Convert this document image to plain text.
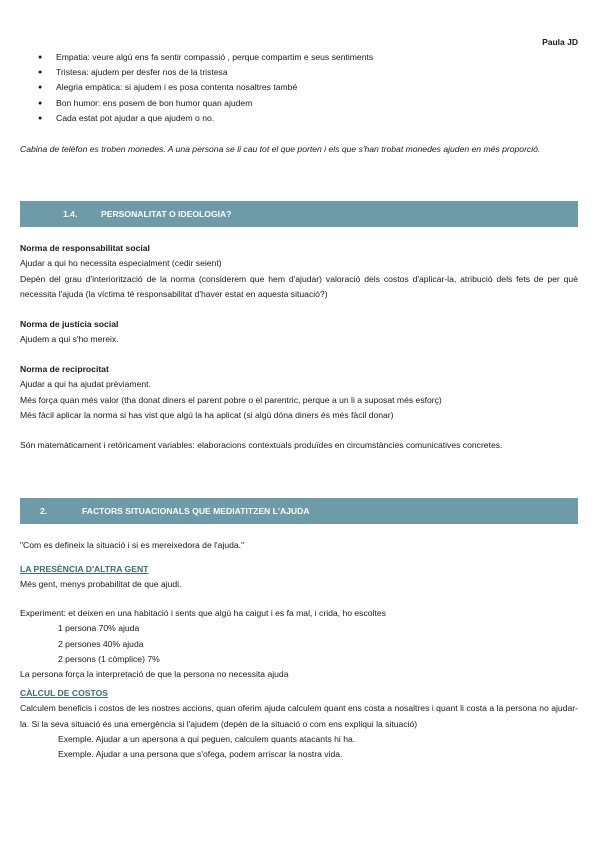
Paula JD
● Empatia: veure algú ens fa sentir compassió , perque compartim e seus sentiments
● Tristesa: ajudem per desfer nos de la tristesa
● Alegria empàtica: si ajudem i es posa contenta nosaltres també
● Bon humor: ens posem de bon humor quan ajudem
● Cada estat pot ajudar a que ajudem o no.
Cabina de telèfon es troben monedes. A una persona se li cau tot el que porten i els que s'han trobat monedes ajuden en més proporció.
1.4.	PERSONALITAT O IDEOLOGIA?

Norma de responsabilitat social

Ajudar a qui ho necessita especialment (cedir seient)

Depèn del grau d'interiorització de la norma (considerem que hem d'ajudar) valoració dels costos d'aplicar-la, atribució dels fets de per què necessita l'ajuda (la víctima té responsabilitat d'haver estat en aquesta situació?)

Norma de justícia social

Ajudem a qui s'ho mereix.

Norma de reciprocitat

Ajudar a qui ha ajudat prèviament.

Més força quan més valor (tha donat diners el parent pobre o el parentric, perque a un li a suposat més esforç)

Més fàcil aplicar la norma si has vist que algú la ha aplicat (si algú dóna diners és més fàcil donar)

Són matemàticament i retòricament variables: elaboracions contextuals produïdes en circumstàncies comunicatives concretes.
2.	FACTORS SITUACIONALS QUE MEDIATITZEN L'AJUDA
"Com es defineix la situació i si es mereixedora de l'ajuda."

LA PRESÈNCIA D'ALTRA GENT

Més gent, menys probabilitat de que ajudi.

Experiment: et deixen en una habitació i sents que algú ha caigut i es fa mal, i crida, ho escoltes

1 persona 70% ajuda

2 persones 40% ajuda

2 persons (1 còmplice) 7%

La persona força la interpretació de que la persona no necessita ajuda

CÀLCUL DE COSTOS

Calculem beneficis i costos de les nostres accions, quan oferim ajuda calculem quant ens costa a nosaltres i quant li costa a la persona no ajudar-la. Si la seva situació és una emergència si l'ajudem (depèn de la situació o com ens expliqui la situació)

Exemple. Ajudar a un apersona a qui peguen, calculem quants atacants hi ha.

Exemple. Ajudar a una persona que s'ofega, podem arriscar la nostra vida.
